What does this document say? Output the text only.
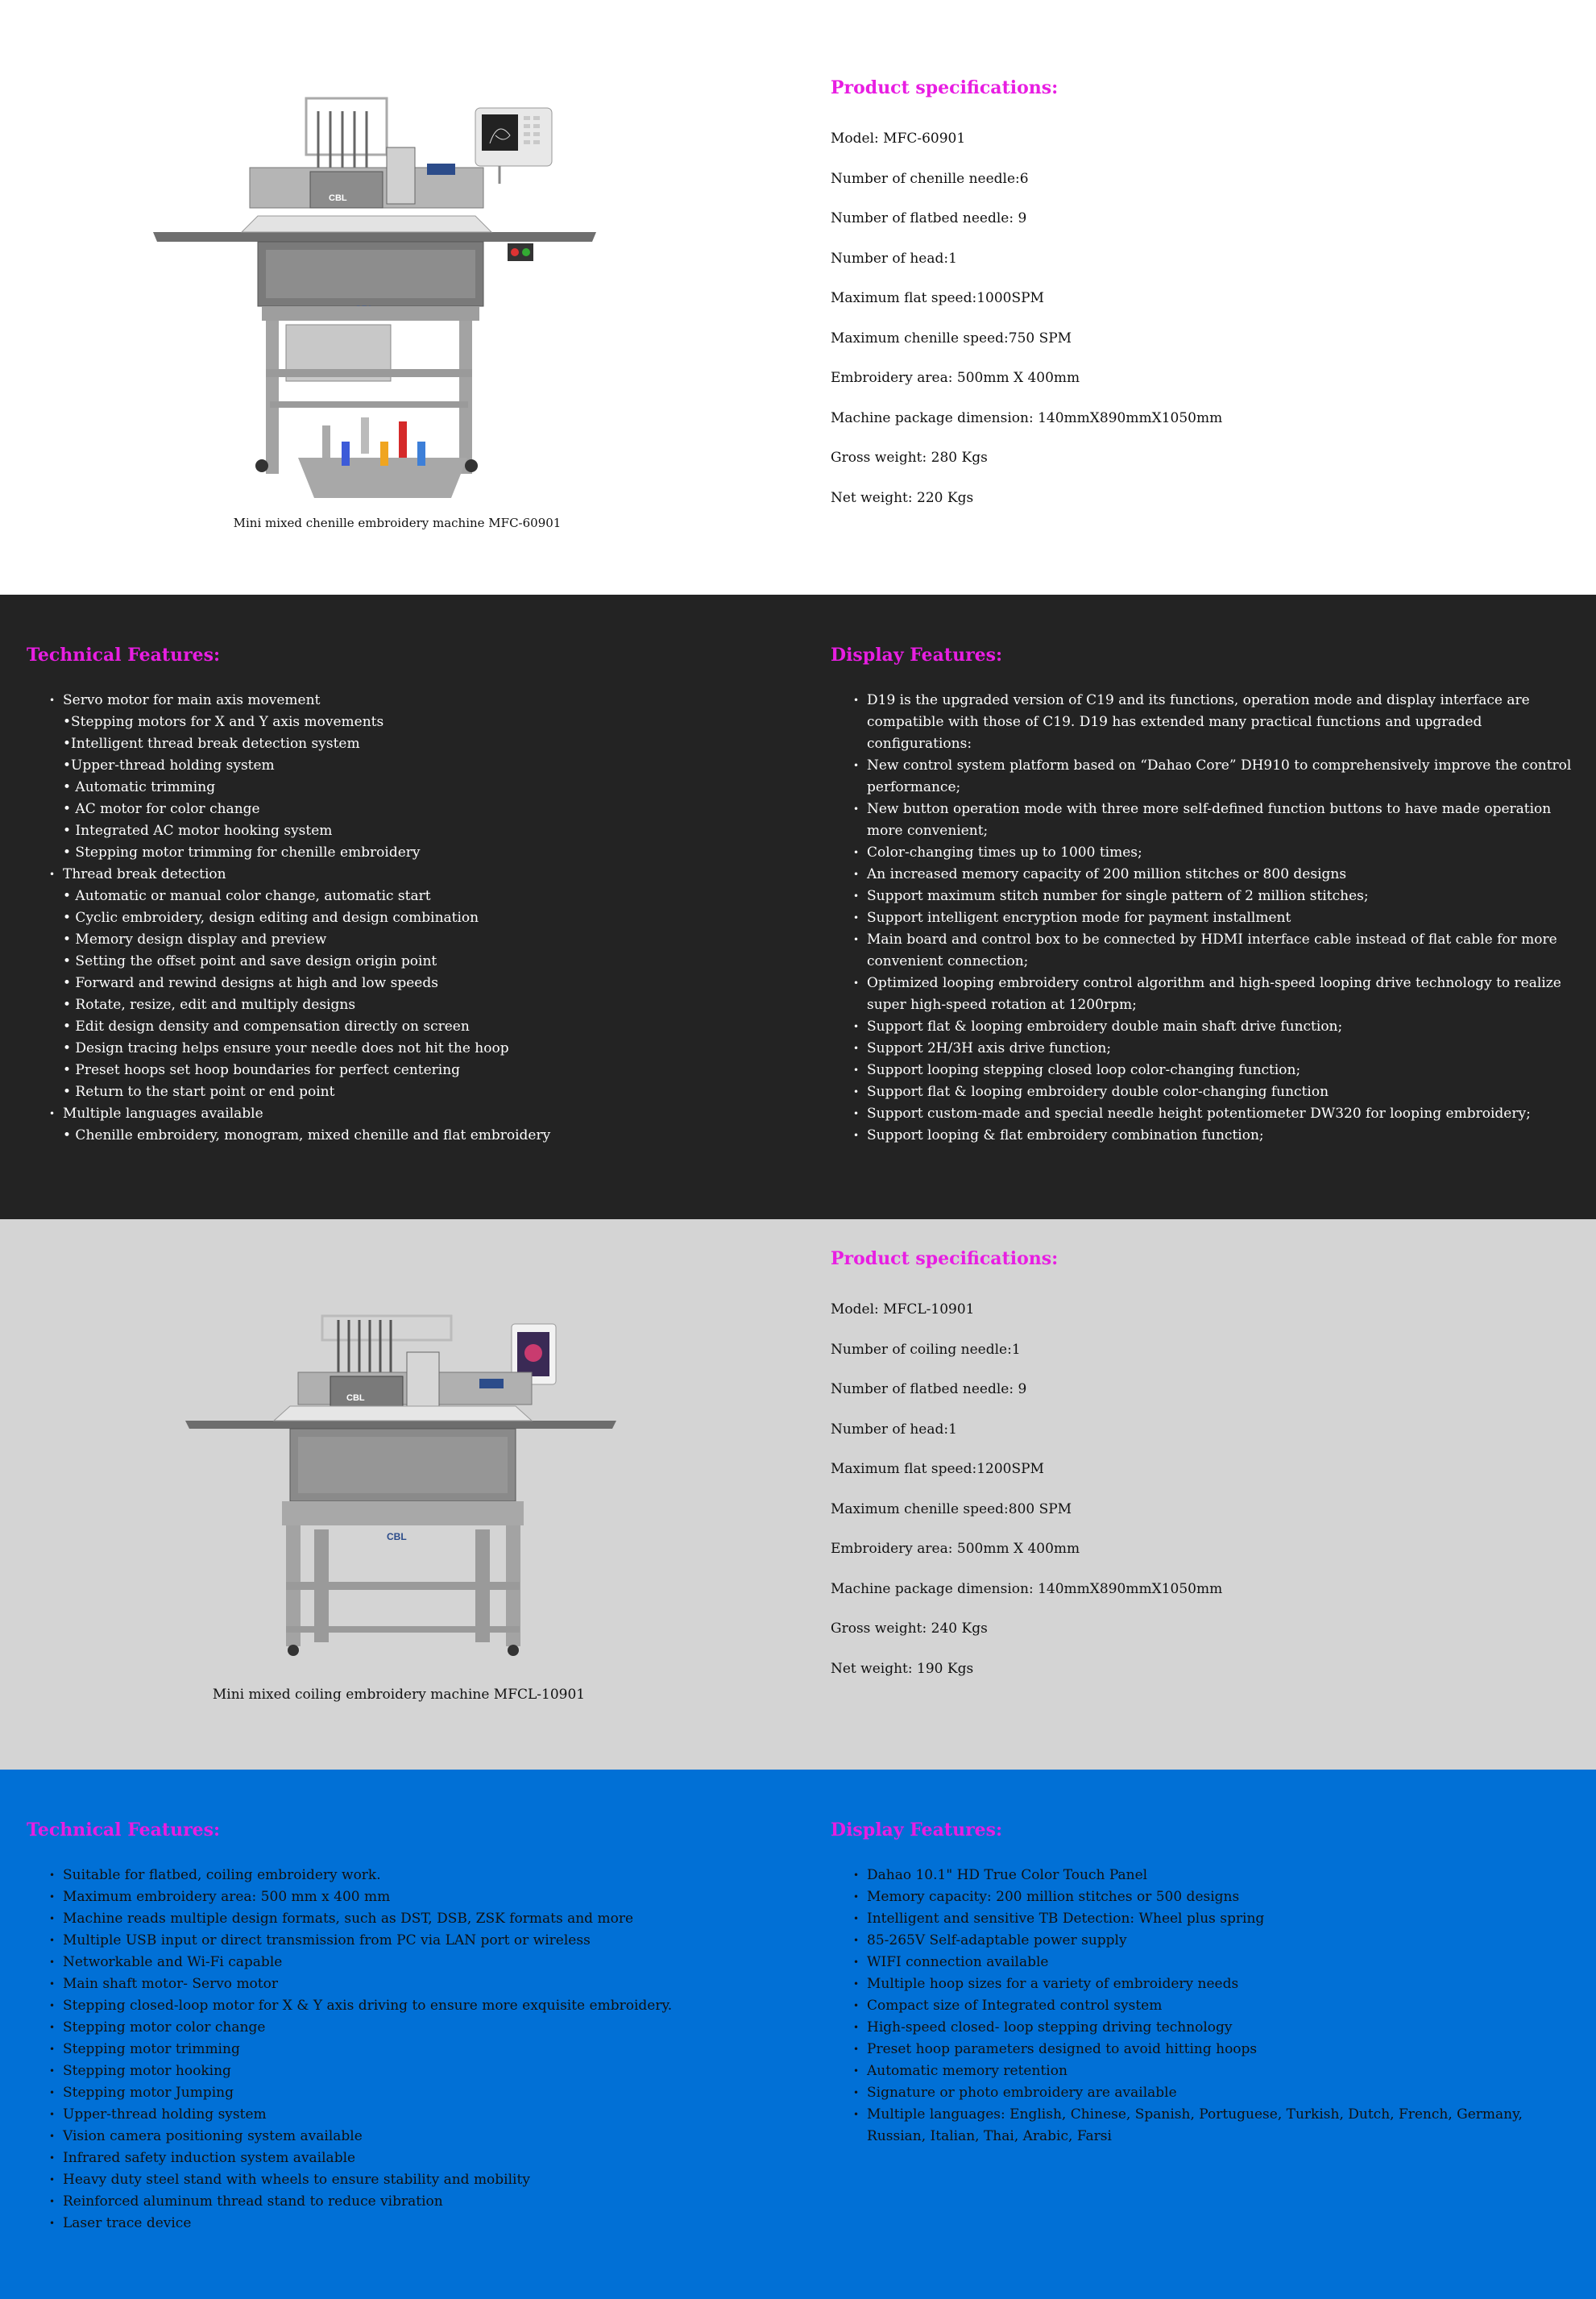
CBL
Mini mixed chenille embroidery machine MFC-60901
Product specifications:

Model: MFC-60901

Number of chenille needle:6

Number of flatbed needle: 9

Number of head:1

Maximum flat speed:1000SPM

Maximum chenille speed:750 SPM

Embroidery area: 500mm X 400mm

Machine package dimension: 140mmX890mmX1050mm

Gross weight: 280 Kgs

Net weight: 220 Kgs

Technical Features:
• Servo motor for main axis movement
•Stepping motors for X and Y axis movements
•Intelligent thread break detection system
•Upper-thread holding system
• Automatic trimming
• AC motor for color change
• Integrated AC motor hooking system
• Stepping motor trimming for chenille embroidery
• Thread break detection
• Automatic or manual color change, automatic start
• Cyclic embroidery, design editing and design combination
• Memory design display and preview
• Setting the offset point and save design origin point
• Forward and rewind designs at high and low speeds
• Rotate, resize, edit and multiply designs
• Edit design density and compensation directly on screen
• Design tracing helps ensure your needle does not hit the hoop
• Preset hoops set hoop boundaries for perfect centering
• Return to the start point or end point
• Multiple languages available
• Chenille embroidery, monogram, mixed chenille and flat embroidery
Display Features:
• D19 is the upgraded version of C19 and its functions, operation mode and display interface are compatible with those of C19. D19 has extended many practical functions and upgraded configurations:
• New control system platform based on “Dahao Core” DH910 to comprehensively improve the control performance;
• New button operation mode with three more self-defined function buttons to have made operation more convenient;
• Color-changing times up to 1000 times;
• An increased memory capacity of 200 million stitches or 800 designs
• Support maximum stitch number for single pattern of 2 million stitches;
• Support intelligent encryption mode for payment installment
• Main board and control box to be connected by HDMI interface cable instead of flat cable for more convenient connection;
• Optimized looping embroidery control algorithm and high-speed looping drive technology to realize super high-speed rotation at 1200rpm;
• Support flat & looping embroidery double main shaft drive function;
• Support 2H/3H axis drive function;
• Support looping stepping closed loop color-changing function;
• Support flat & looping embroidery double color-changing function
• Support custom-made and special needle height potentiometer DW320 for looping embroidery;
• Support looping & flat embroidery combination function;
CBL
CBL
Mini mixed coiling embroidery machine MFCL-10901
Product specifications:

Model: MFCL-10901

Number of coiling needle:1

Number of flatbed needle: 9

Number of head:1

Maximum flat speed:1200SPM

Maximum chenille speed:800 SPM

Embroidery area: 500mm X 400mm

Machine package dimension: 140mmX890mmX1050mm

Gross weight: 240 Kgs

Net weight: 190 Kgs

Technical Features:
• Suitable for flatbed, coiling embroidery work.
• Maximum embroidery area: 500 mm x 400 mm
• Machine reads multiple design formats, such as DST, DSB, ZSK formats and more
• Multiple USB input or direct transmission from PC via LAN port or wireless
• Networkable and Wi-Fi capable
• Main shaft motor- Servo motor
• Stepping closed-loop motor for X & Y axis driving to ensure more exquisite embroidery.
• Stepping motor color change
• Stepping motor trimming
• Stepping motor hooking
• Stepping motor Jumping
• Upper-thread holding system
• Vision camera positioning system available
• Infrared safety induction system available
• Heavy duty steel stand with wheels to ensure stability and mobility
• Reinforced aluminum thread stand to reduce vibration
• Laser trace device
Display Features:
• Dahao 10.1" HD True Color Touch Panel
• Memory capacity: 200 million stitches or 500 designs
• Intelligent and sensitive TB Detection: Wheel plus spring
• 85-265V Self-adaptable power supply
• WIFI connection available
• Multiple hoop sizes for a variety of embroidery needs
• Compact size of Integrated control system
• High-speed closed- loop stepping driving technology
• Preset hoop parameters designed to avoid hitting hoops
• Automatic memory retention
• Signature or photo embroidery are available
• Multiple languages: English, Chinese, Spanish, Portuguese, Turkish, Dutch, French, Germany, Russian, Italian, Thai, Arabic, Farsi
